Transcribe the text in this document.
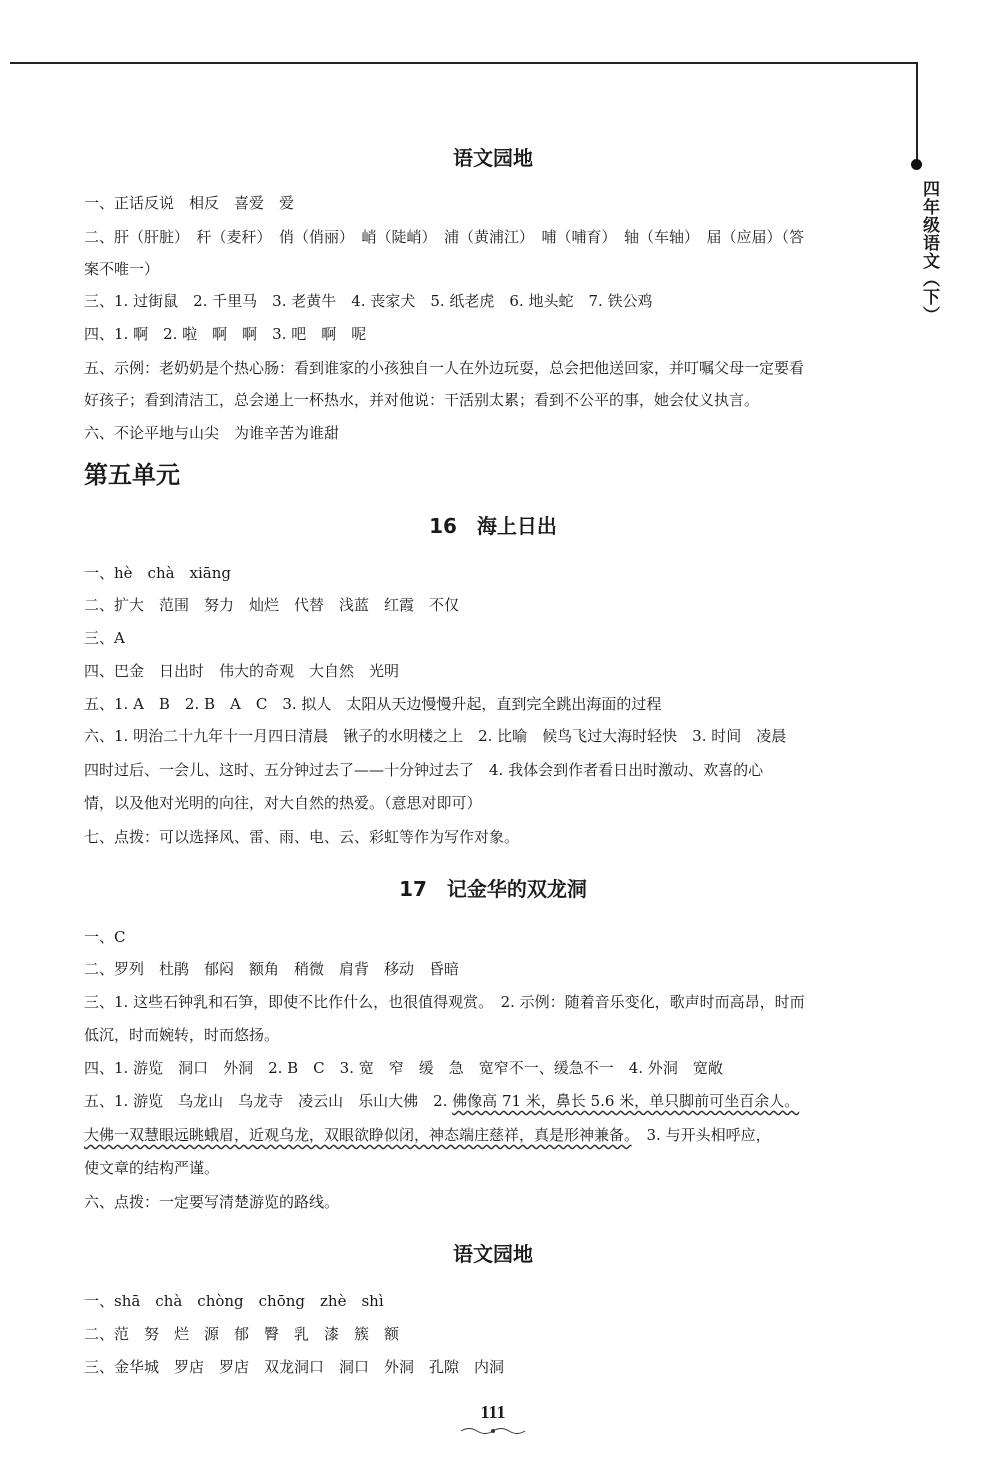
四年级语文（下）
语文园地
一、正话反说　相反　喜爱　爱
二、肝（肝脏）　秆（麦秆）　俏（俏丽）　峭（陡峭）　浦（黄浦江）　哺（哺育）　轴（车轴）　届（应届）（答
案不唯一）
三、1. 过街鼠　2. 千里马　3. 老黄牛　4. 丧家犬　5. 纸老虎　6. 地头蛇　7. 铁公鸡
四、1. 啊　2. 啦　啊　啊　3. 吧　啊　呢
五、示例：老奶奶是个热心肠：看到谁家的小孩独自一人在外边玩耍，总会把他送回家，并叮嘱父母一定要看
好孩子；看到清洁工，总会递上一杯热水，并对他说：干活别太累；看到不公平的事，她会仗义执言。
六、不论平地与山尖　为谁辛苦为谁甜
第五单元
16　海上日出
一、hè　chà　xiāng
二、扩大　范围　努力　灿烂　代替　浅蓝　红霞　不仅
三、A
四、巴金　日出时　伟大的奇观　大自然　光明
五、1. A　B　2. B　A　C　3. 拟人　太阳从天边慢慢升起，直到完全跳出海面的过程
六、1. 明治二十九年十一月四日清晨　锹子的水明楼之上　2. 比喻　候鸟飞过大海时轻快　3. 时间　凌晨
四时过后、一会儿、这时、五分钟过去了——十分钟过去了　4. 我体会到作者看日出时激动、欢喜的心
情，以及他对光明的向往，对大自然的热爱。（意思对即可）
七、点拨：可以选择风、雷、雨、电、云、彩虹等作为写作对象。
17　记金华的双龙洞
一、C
二、罗列　杜鹃　郁闷　额角　稍微　肩背　移动　昏暗
三、1. 这些石钟乳和石笋，即使不比作什么，也很值得观赏。　2. 示例：随着音乐变化，歌声时而高昂，时而
低沉，时而婉转，时而悠扬。
四、1. 游览　洞口　外洞　2. B　C　3. 宽　窄　缓　急　宽窄不一、缓急不一　4. 外洞　宽敞
五、1. 游览　乌龙山　乌龙寺　凌云山　乐山大佛　2. 佛像高 71 米，鼻长 5.6 米，单只脚前可坐百余人。
大佛一双慧眼远眺蛾眉，近观乌龙，双眼欲睁似闭，神态端庄慈祥，真是形神兼备。　3. 与开头相呼应，
使文章的结构严谨。
六、点拨：一定要写清楚游览的路线。
语文园地
一、shā　chà　chòng　chōng　zhè　shì
二、范　努　烂　源　郁　臀　乳　漆　簇　额
三、金华城　罗店　罗店　双龙洞口　洞口　外洞　孔隙　内洞
111
